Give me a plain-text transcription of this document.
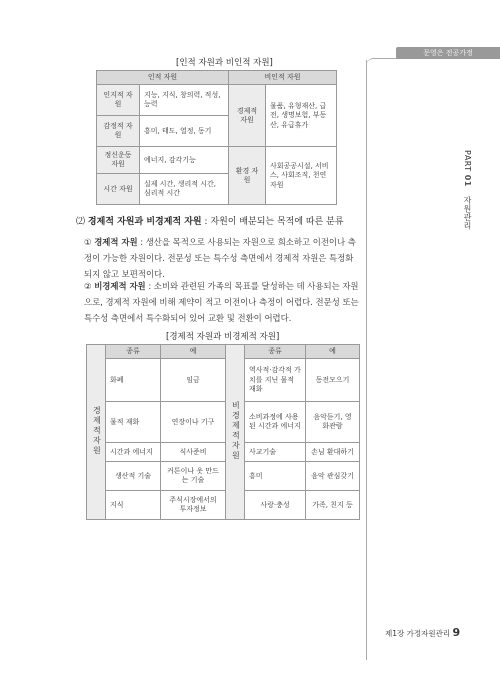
문영은 전공가정
PART 01 자원관리
[인적 자원과 비인적 자원]
인적 자원		비인적 자원	
인지적 자원	지능, 지식, 창의력, 적성, 능력	경제적 자원	물품, 유형재산, 급전, 생명보험, 부동산, 유급휴가
감정적 자원	흥미, 태도, 열정, 동기		
정신운동 자원	에너지, 감각기능	환경 자원	사회공공시설, 서비스, 사회조직, 천연자원
시간 자원	실제 시간, 생리적 시간, 심리적 시간		
⑵ 경제적 자원과 비경제적 자원 : 자원이 배분되는 목적에 따른 분류
① 경제적 자원 : 생산을 목적으로 사용되는 자원으로 희소하고 이전이나 측정이 가능한 자원이다. 전문성 또는 특수성 측면에서 경제적 자원은 특정화되지 않고 보편적이다.
② 비경제적 자원 : 소비와 관련된 가족의 목표를 달성하는 데 사용되는 자원으로, 경제적 자원에 비해 제약이 적고 이전이나 측정이 어렵다. 전문성 또는 특수성 측면에서 특수화되어 있어 교환 및 전환이 어렵다.
[경제적 자원과 비경제적 자원]
경제적자원	종류	예	비경제적자원	종류	예
	화폐	임금		역사적·감각적 가치를 지닌 물적 재화	동전모으기
	물적 재화	연장이나 기구		소비과정에 사용된 시간과 에너지	음악듣기, 영화관람
	시간과 에너지	식사준비		사교기술	손님 환대하기
	생산적 기술	커튼이나 옷 만드는 기술		흥미	음악 관심갖기
	지식	주식시장에서의 투자정보		사랑·충성	가족, 친지 등
제1장 가정자원관리 9
